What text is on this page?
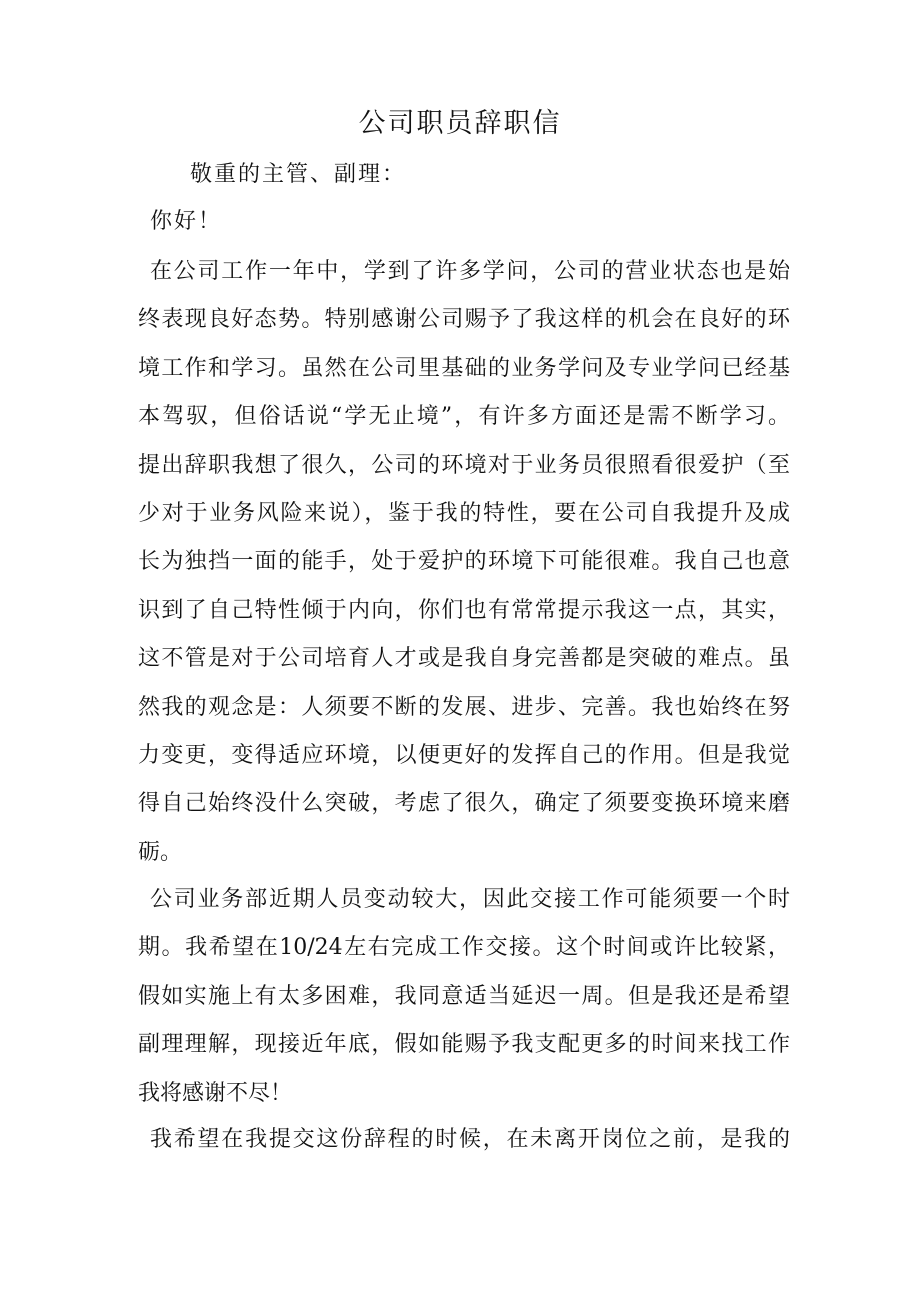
公司职员辞职信

敬重的主管、副理：

你好！

在公司工作一年中，学到了许多学问，公司的营业状态也是始
终表现良好态势。特别感谢公司赐予了我这样的机会在良好的环
境工作和学习。虽然在公司里基础的业务学问及专业学问已经基
本驾驭，但俗话说“学无止境”，有许多方面还是需不断学习。
提出辞职我想了很久，公司的环境对于业务员很照看很爱护（至
少对于业务风险来说），鉴于我的特性，要在公司自我提升及成
长为独挡一面的能手，处于爱护的环境下可能很难。我自己也意
识到了自己特性倾于内向，你们也有常常提示我这一点，其实，
这不管是对于公司培育人才或是我自身完善都是突破的难点。虽
然我的观念是：人须要不断的发展、进步、完善。我也始终在努
力变更，变得适应环境，以便更好的发挥自己的作用。但是我觉
得自己始终没什么突破，考虑了很久，确定了须要变换环境来磨
砺。

公司业务部近期人员变动较大，因此交接工作可能须要一个时
期。我希望在10/24左右完成工作交接。这个时间或许比较紧，
假如实施上有太多困难，我同意适当延迟一周。但是我还是希望
副理理解，现接近年底，假如能赐予我支配更多的时间来找工作
我将感谢不尽！

我希望在我提交这份辞程的时候，在未离开岗位之前，是我的
